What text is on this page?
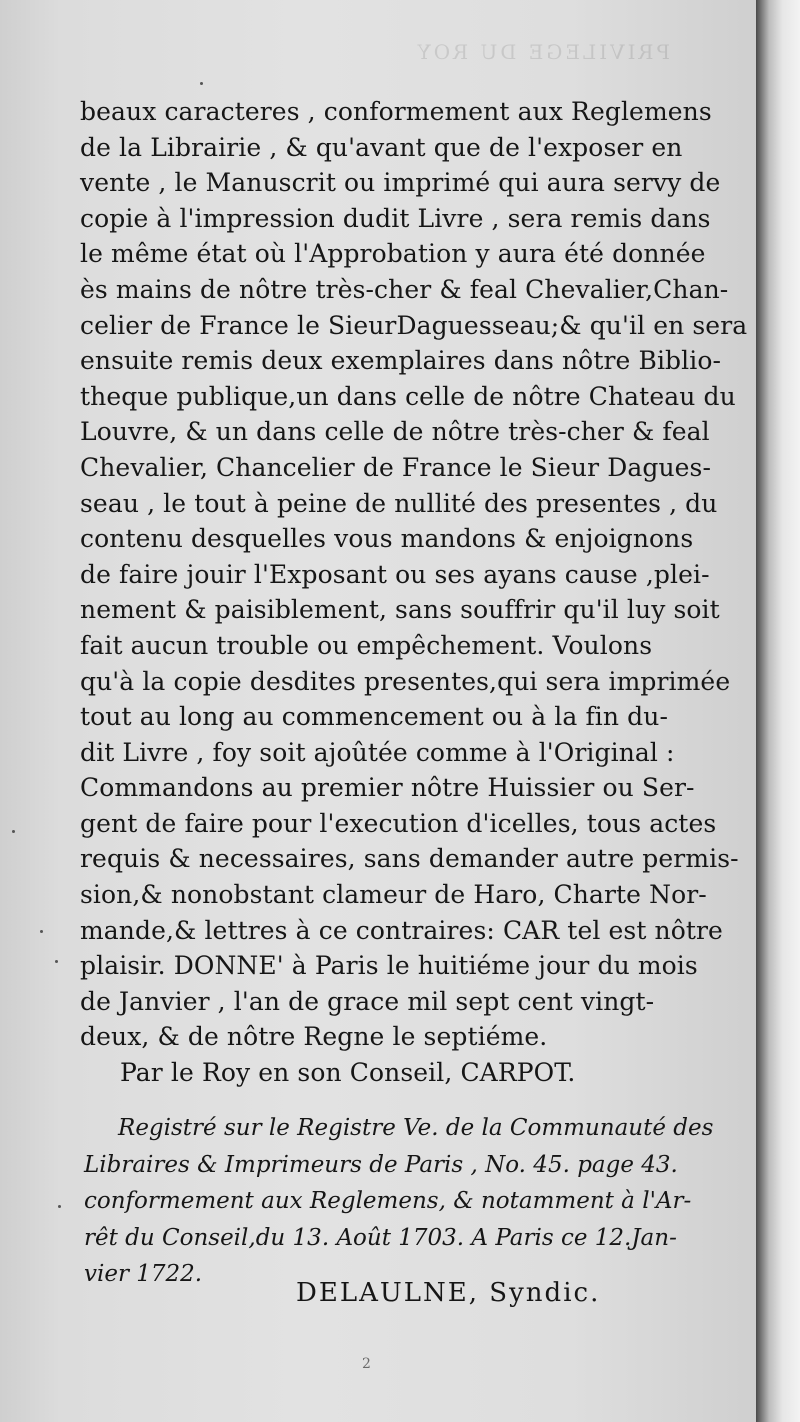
PRIVILEGE DU ROY
beaux caracteres , conformement aux Reglemens
de la Librairie , & qu'avant que de l'exposer en
vente , le Manuscrit ou imprimé qui aura servy de
copie à l'impression dudit Livre , sera remis dans
le même état où l'Approbation y aura été donnée
ès mains de nôtre très-cher & feal Chevalier,Chan-
celier de France le SieurDaguesseau;& qu'il en sera
ensuite remis deux exemplaires dans nôtre Biblio-
theque publique,un dans celle de nôtre Chateau du
Louvre, & un dans celle de nôtre très-cher & feal
Chevalier, Chancelier de France le Sieur Dagues-
seau , le tout à peine de nullité des presentes , du
contenu desquelles vous mandons & enjoignons
de faire jouir l'Exposant ou ses ayans cause ,plei-
nement & paisiblement, sans souffrir qu'il luy soit
fait aucun trouble ou empêchement. Voulons
qu'à la copie desdites presentes,qui sera imprimée
tout au long au commencement ou à la fin du-
dit Livre , foy soit ajoûtée comme à l'Original :
Commandons au premier nôtre Huissier ou Ser-
gent de faire pour l'execution d'icelles, tous actes
requis & necessaires, sans demander autre permis-
sion,& nonobstant clameur de Haro, Charte Nor-
mande,& lettres à ce contraires: CAR tel est nôtre
plaisir. DONNE' à Paris le huitiéme jour du mois
de Janvier , l'an de grace mil sept cent vingt-
deux, & de nôtre Regne le septiéme.
Par le Roy en son Conseil, CARPOT.
Registré sur le Registre Ve. de la Communauté des
Libraires & Imprimeurs de Paris , No. 45. page 43.
conformement aux Reglemens, & notamment à l'Ar-
rêt du Conseil,du 13. Août 1703. A Paris ce 12.Jan-
vier 1722.
DELAULNE, Syndic.
2
